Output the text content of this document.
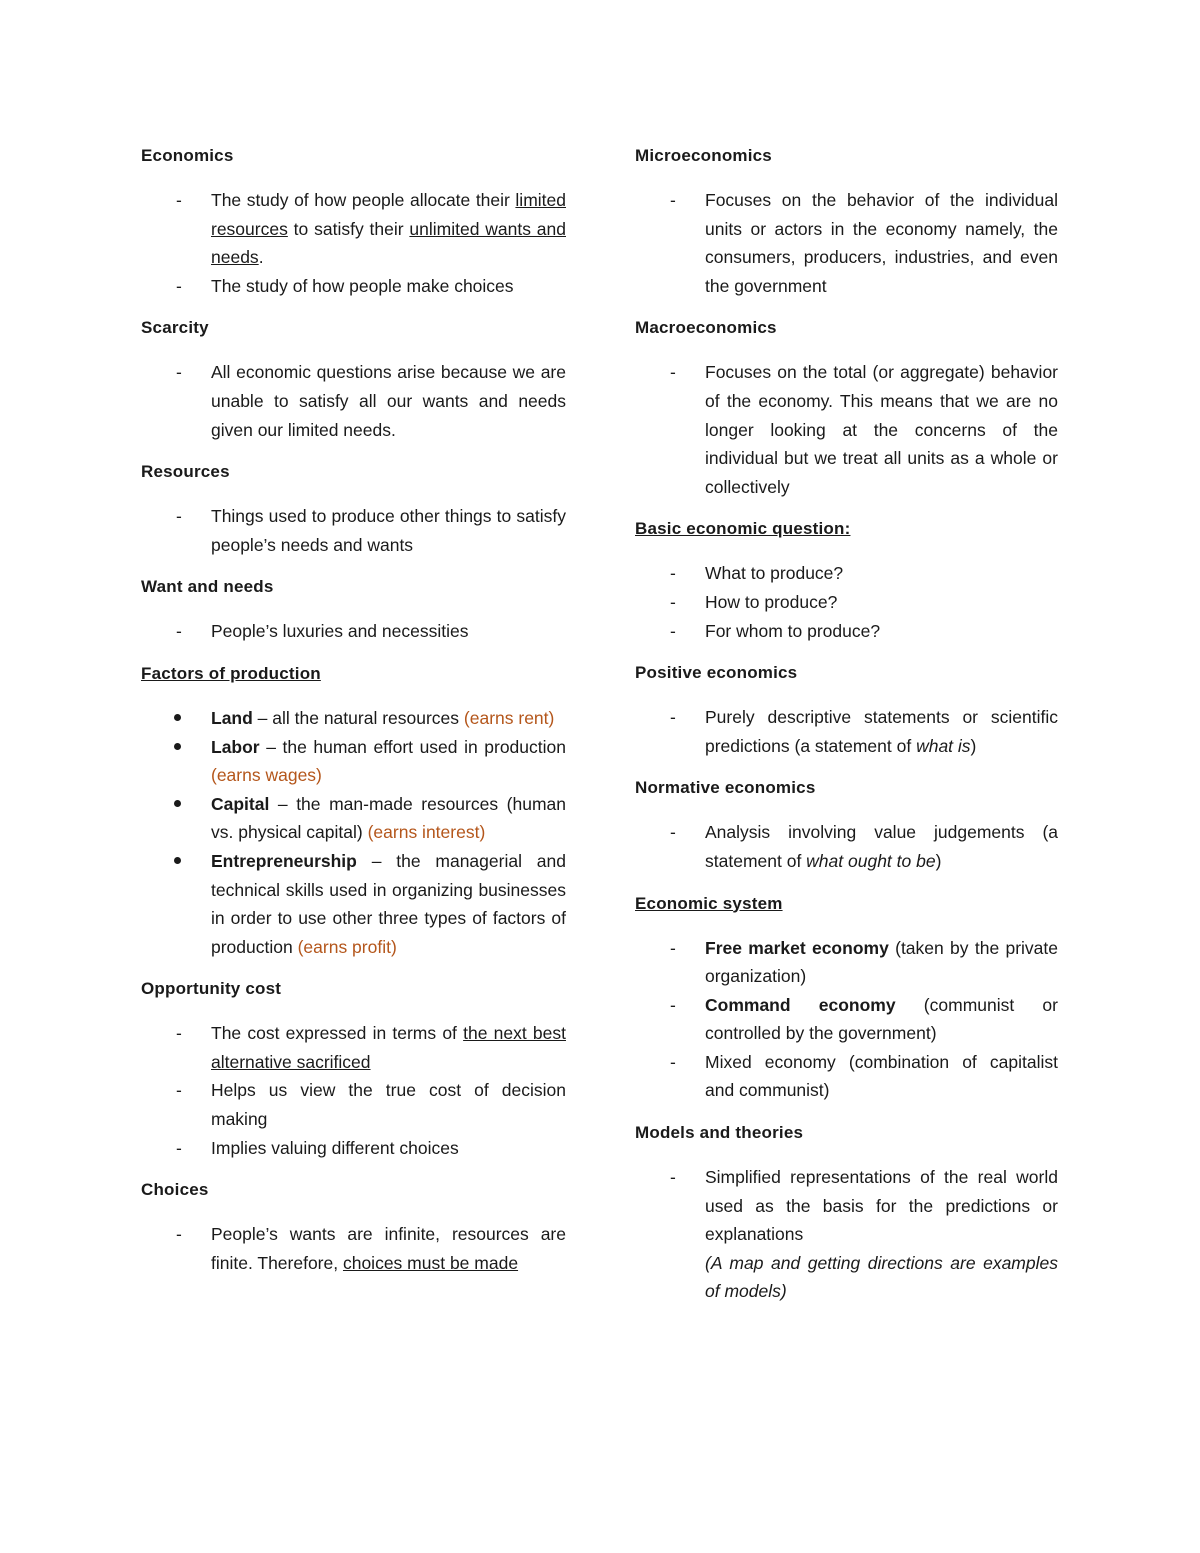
Economics
-	The study of how people allocate their limited resources to satisfy their unlimited wants and needs.
-	The study of how people make choices
Scarcity
-	All economic questions arise because we are unable to satisfy all our wants and needs given our limited needs.
Resources
-	Things used to produce other things to satisfy people’s needs and wants
Want and needs
-	People’s luxuries and necessities
Factors of production
Land – all the natural resources (earns rent)
Labor – the human effort used in production (earns wages)
Capital – the man-made resources (human vs. physical capital) (earns interest)
Entrepreneurship – the managerial and technical skills used in organizing businesses in order to use other three types of factors of production (earns profit)
Opportunity cost
-	The cost expressed in terms of the next best alternative sacrificed
-	Helps us view the true cost of decision making
-	Implies valuing different choices
Choices
-	People’s wants are infinite, resources are finite. Therefore, choices must be made
Microeconomics
-	Focuses on the behavior of the individual units or actors in the economy namely, the consumers, producers, industries, and even the government
Macroeconomics
-	Focuses on the total (or aggregate) behavior of the economy. This means that we are no longer looking at the concerns of the individual but we treat all units as a whole or collectively
Basic economic question:
-	What to produce?
-	How to produce?
-	For whom to produce?
Positive economics
-	Purely descriptive statements or scientific predictions (a statement of what is)
Normative economics
-	Analysis involving value judgements (a statement of what ought to be)
Economic system
-	Free market economy (taken by the private organization)
-	Command economy (communist or controlled by the government)
-	Mixed economy (combination of capitalist and communist)
Models and theories
-	Simplified representations of the real world used as the basis for the predictions or explanations
(A map and getting directions are examples of models)
